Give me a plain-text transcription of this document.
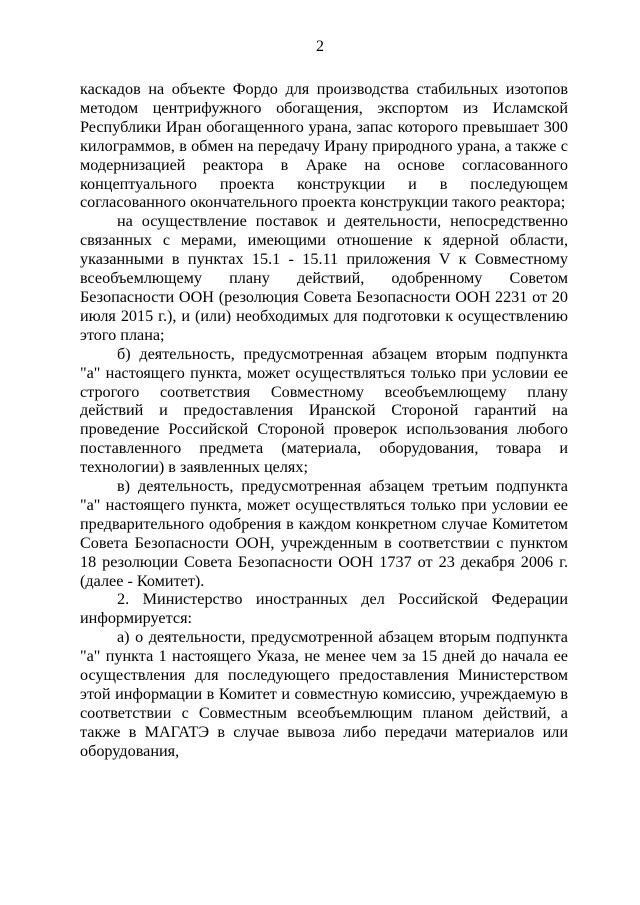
2

каскадов на объекте Фордо для производства стабильных изотопов методом центрифужного обогащения, экспортом из Исламской Республики Иран обогащенного урана, запас которого превышает 300 килограммов, в обмен на передачу Ирану природного урана, а также с модернизацией реактора в Араке на основе согласованного концептуального проекта конструкции и в последующем согласованного окончательного проекта конструкции такого реактора;

на осуществление поставок и деятельности, непосредственно связанных с мерами, имеющими отношение к ядерной области, указанными в пунктах 15.1 - 15.11 приложения V к Совместному всеобъемлющему плану действий, одобренному Советом Безопасности ООН (резолюция Совета Безопасности ООН 2231 от 20 июля 2015 г.), и (или) необходимых для подготовки к осуществлению этого плана;

б) деятельность, предусмотренная абзацем вторым подпункта "а" настоящего пункта, может осуществляться только при условии ее строгого соответствия Совместному всеобъемлющему плану действий и предоставления Иранской Стороной гарантий на проведение Российской Стороной проверок использования любого поставленного предмета (материала, оборудования, товара и технологии) в заявленных целях;

в) деятельность, предусмотренная абзацем третьим подпункта "а" настоящего пункта, может осуществляться только при условии ее предварительного одобрения в каждом конкретном случае Комитетом Совета Безопасности ООН, учрежденным в соответствии с пунктом 18 резолюции Совета Безопасности ООН 1737 от 23 декабря 2006 г. (далее - Комитет).

2. Министерство иностранных дел Российской Федерации информируется:

а) о деятельности, предусмотренной абзацем вторым подпункта "а" пункта 1 настоящего Указа, не менее чем за 15 дней до начала ее осуществления для последующего предоставления Министерством этой информации в Комитет и совместную комиссию, учреждаемую в соответствии с Совместным всеобъемлющим планом действий, а также в МАГАТЭ в случае вывоза либо передачи материалов или оборудования,
